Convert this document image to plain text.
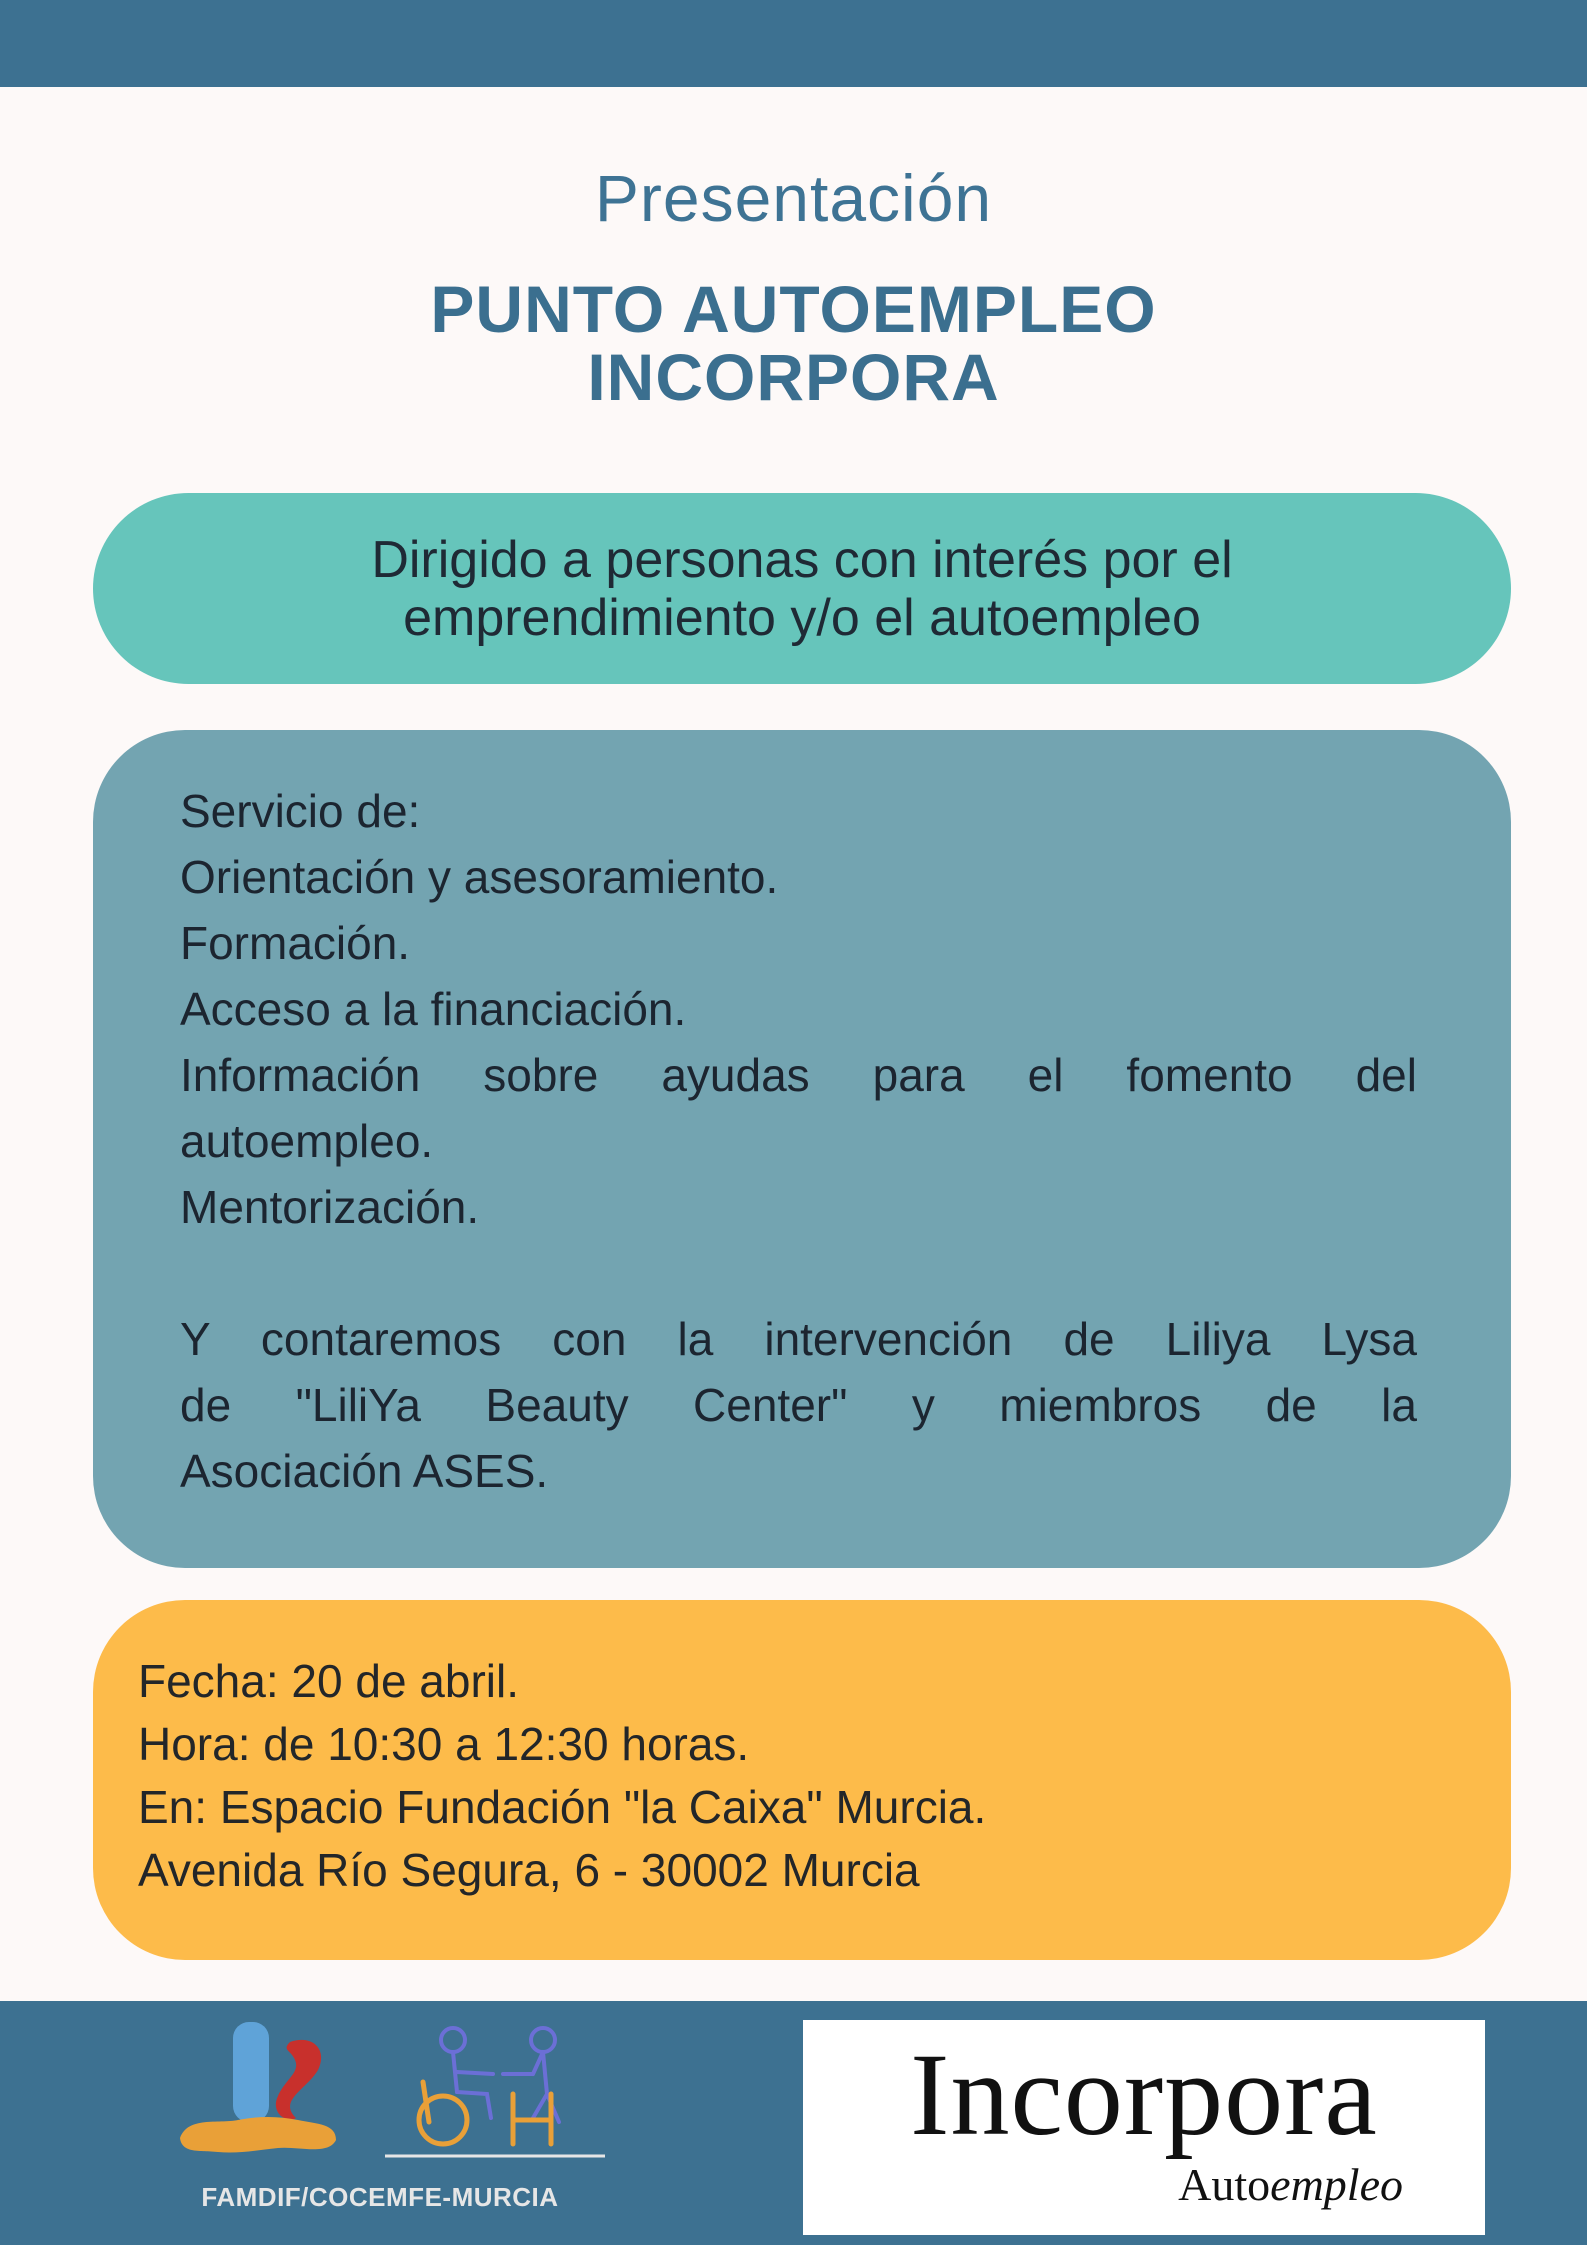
Presentación
PUNTO AUTOEMPLEO
INCORPORA
Dirigido a personas con interés por el
emprendimiento y/o el autoempleo
Servicio de:
Orientación y asesoramiento.
Formación.
Acceso a la financiación.
Información sobre ayudas para el fomento del
autoempleo.
Mentorización.
Y contaremos con la intervención de Liliya Lysa
de "LiliYa Beauty Center" y miembros de la
Asociación ASES.
Fecha: 20 de abril.
Hora: de 10:30 a 12:30 horas.
En: Espacio Fundación "la Caixa" Murcia.
Avenida Río Segura, 6 - 30002 Murcia
FAMDIF/COCEMFE-MURCIA
Incorpora
Autoempleo
